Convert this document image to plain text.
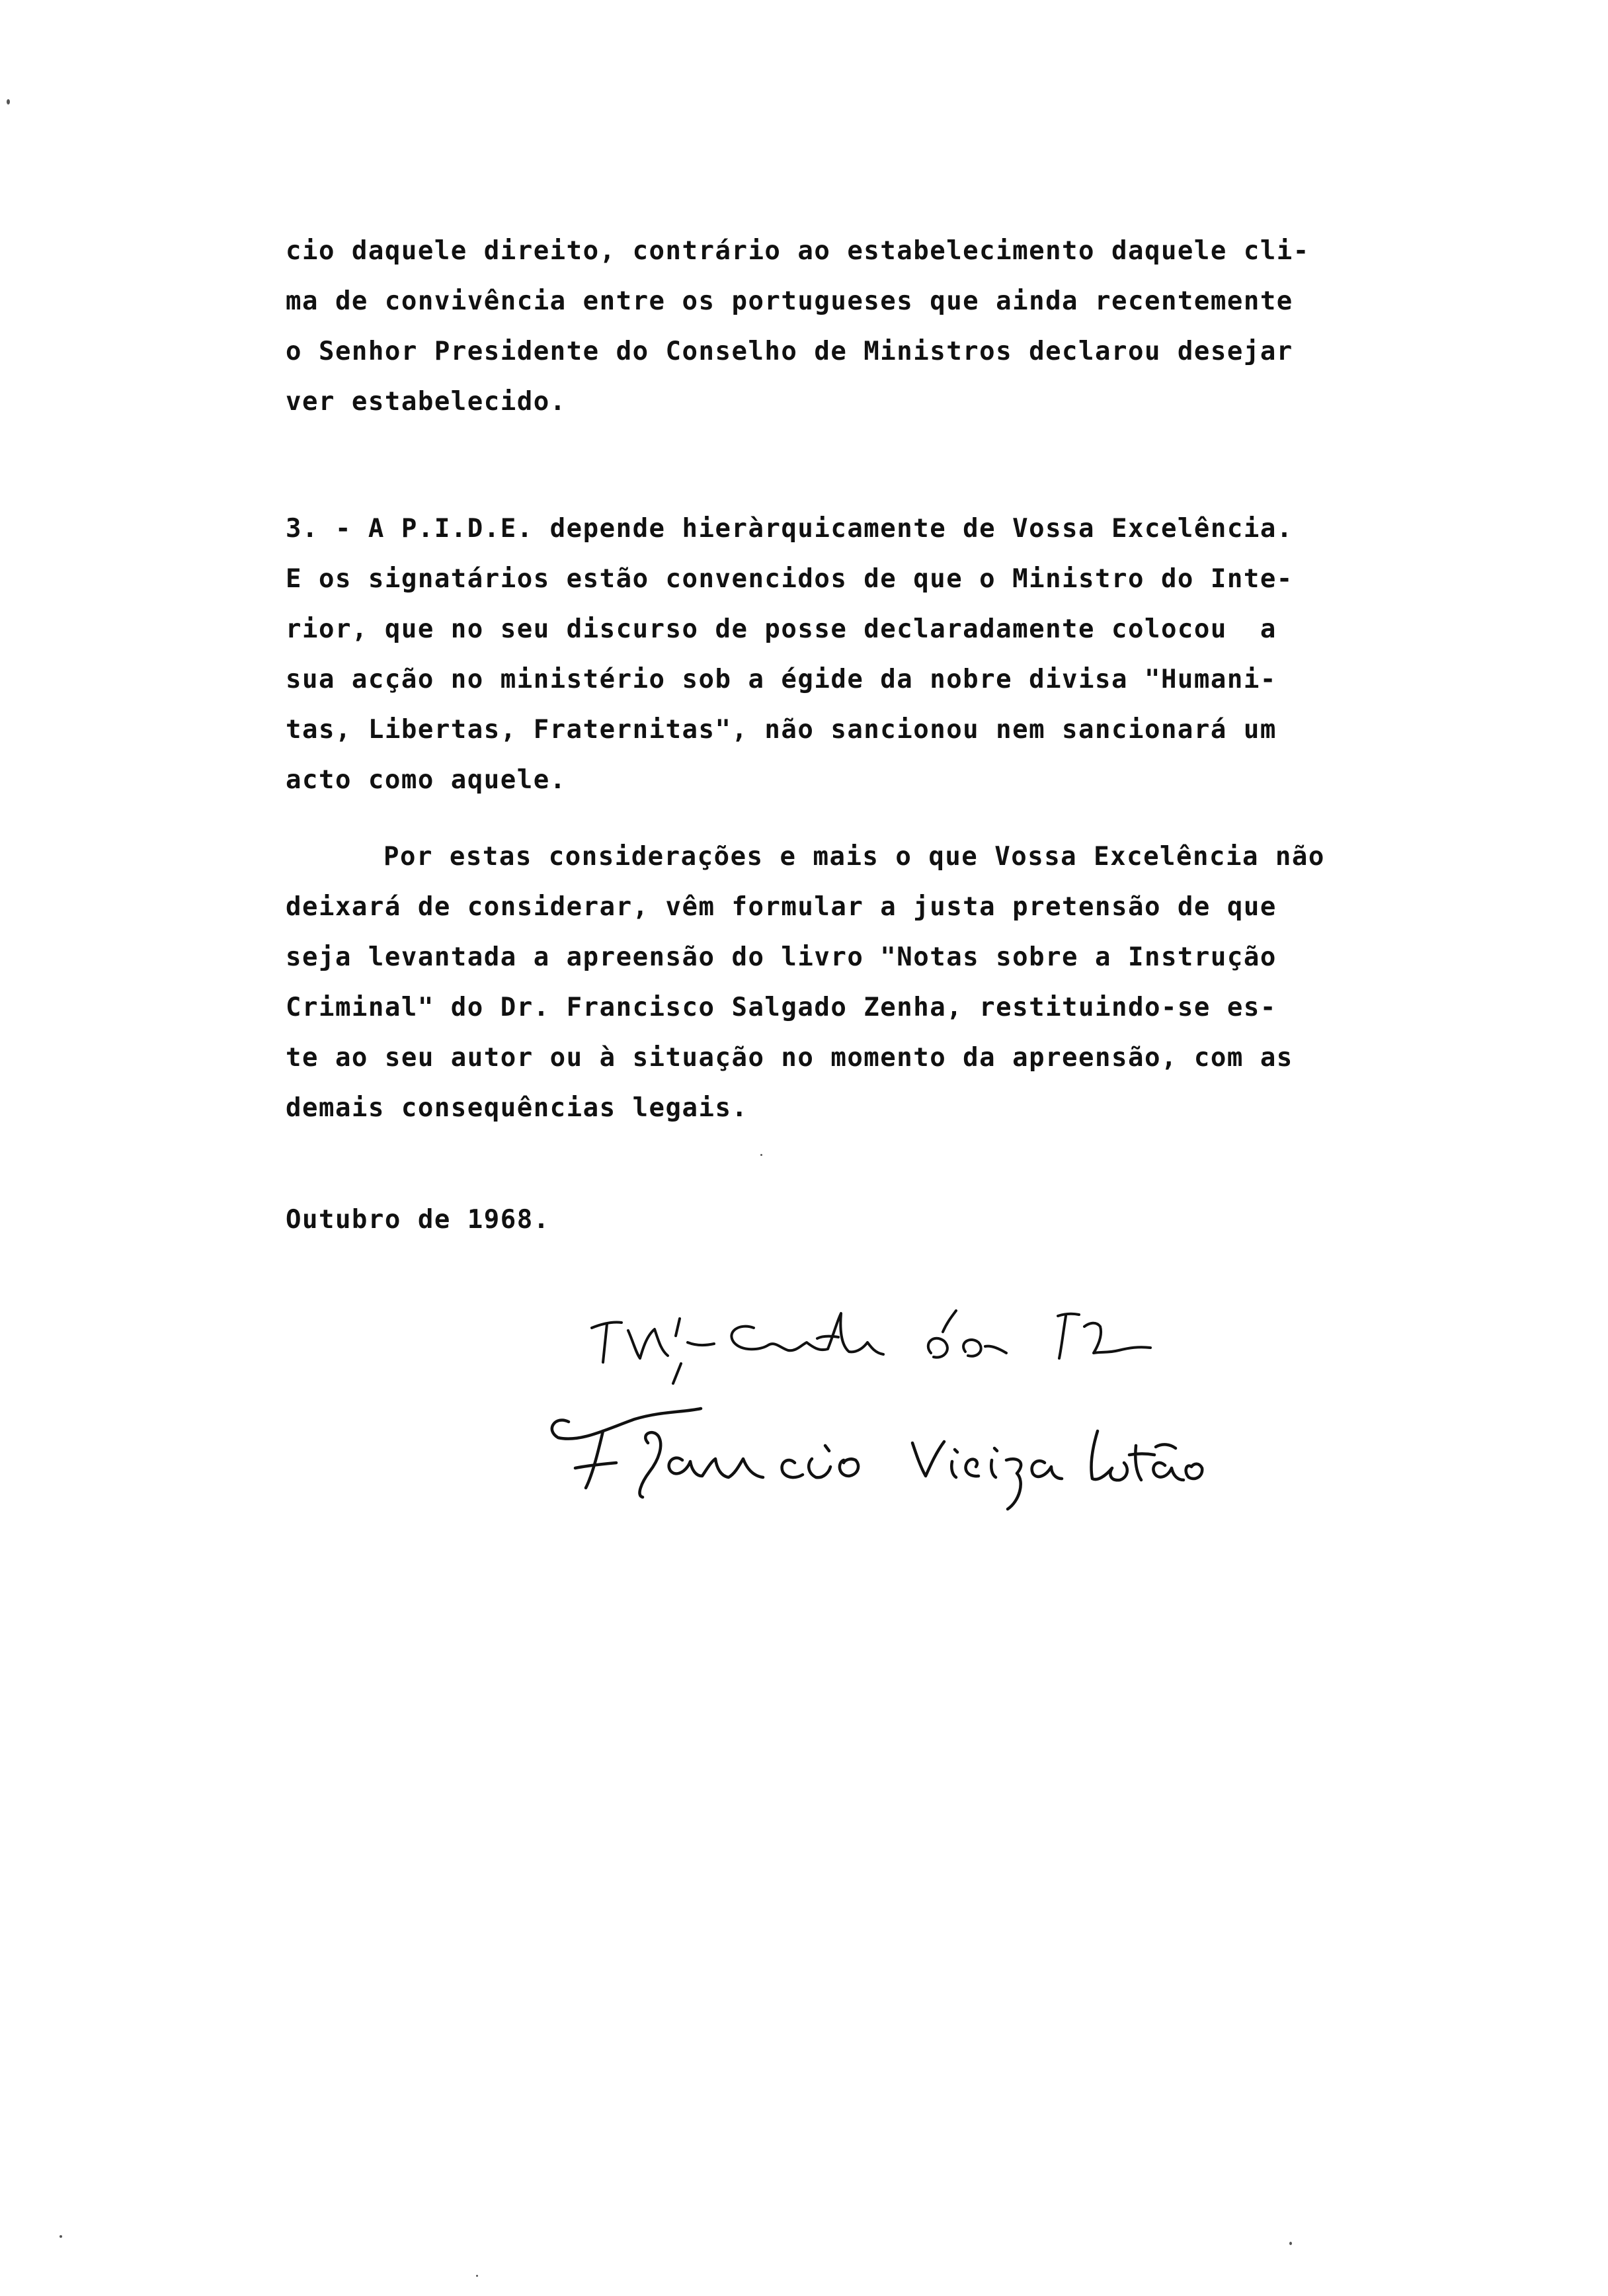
cio daquele direito, contrário ao estabelecimento daquele cli-
ma de convivência entre os portugueses que ainda recentemente
o Senhor Presidente do Conselho de Ministros declarou desejar
ver estabelecido.
3. - A P.I.D.E. depende hieràrquicamente de Vossa Excelência.
E os signatários estão convencidos de que o Ministro do Inte-
rior, que no seu discurso de posse declaradamente colocou  a
sua acção no ministério sob a égide da nobre divisa "Humani-
tas, Libertas, Fraternitas", não sancionou nem sancionará um
acto como aquele.
Por estas considerações e mais o que Vossa Excelência não
deixará de considerar, vêm formular a justa pretensão de que
seja levantada a apreensão do livro "Notas sobre a Instrução
Criminal" do Dr. Francisco Salgado Zenha, restituindo-se es-
te ao seu autor ou à situação no momento da apreensão, com as
demais consequências legais.
Outubro de 1968.
